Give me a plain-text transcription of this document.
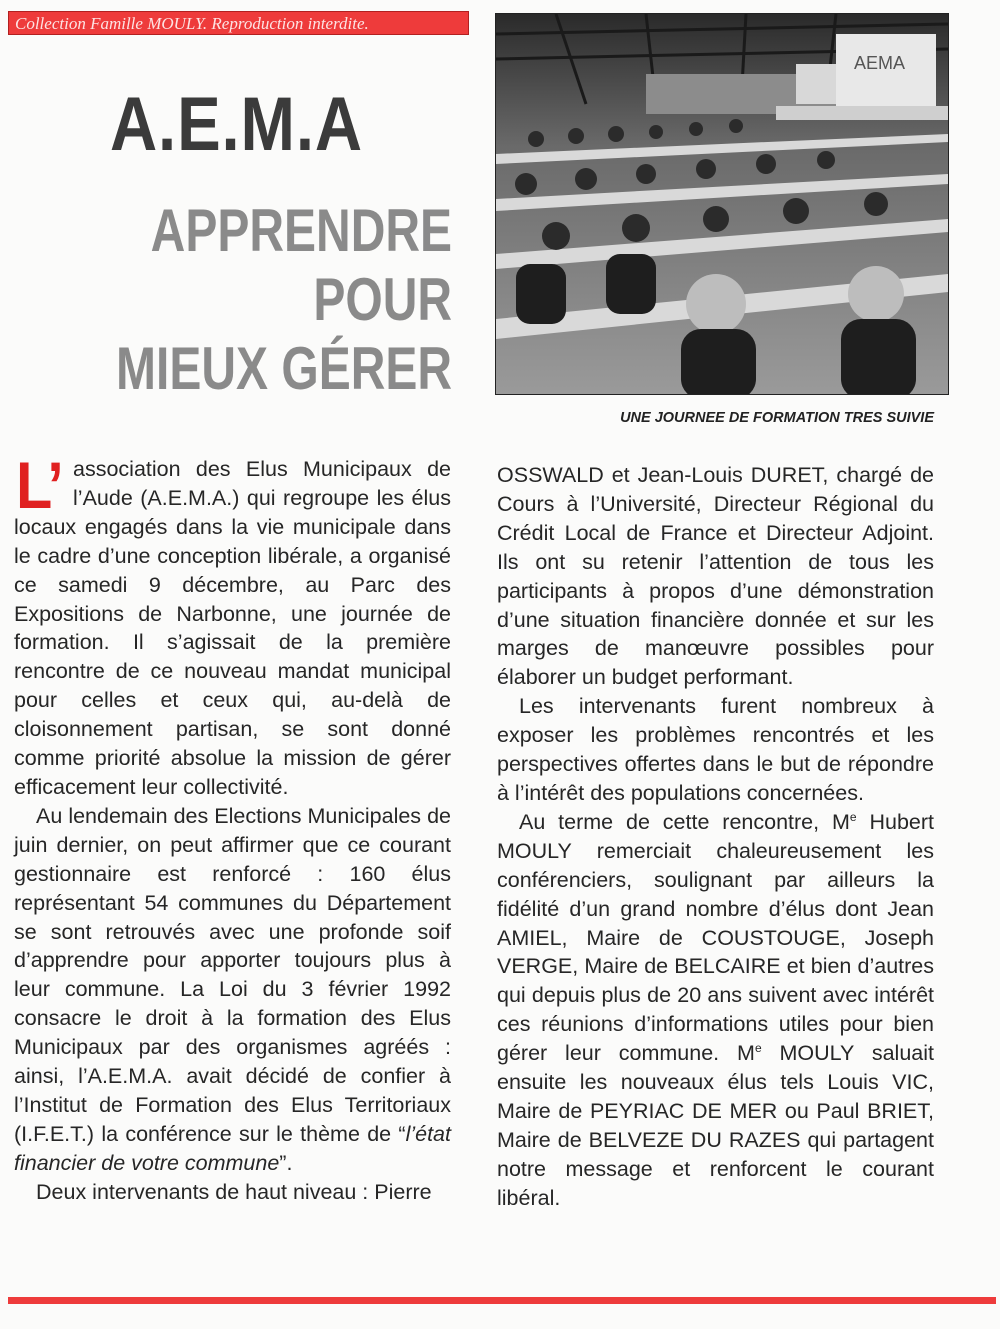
Collection Famille MOULY. Reproduction interdite.
A.E.M.A
APPRENDRE
POUR
MIEUX GÉRER
AEMA
UNE JOURNEE DE FORMATION TRES SUIVIE

L’ association des Elus Municipaux de l’Aude (A.E.M.A.) qui regroupe les élus locaux engagés dans la vie municipale dans le cadre d’une conception libérale, a organisé ce samedi 9 décembre, au Parc des Expositions de Narbonne, une journée de formation. Il s’agissait de la première rencontre de ce nouveau mandat municipal pour celles et ceux qui, au-delà de cloisonnement partisan, se sont donné comme priorité absolue la mission de gérer efficacement leur collectivité.

Au lendemain des Elections Municipales de juin dernier, on peut affirmer que ce courant gestionnaire est renforcé : 160 élus représentant 54 communes du Département se sont retrouvés avec une profonde soif d’apprendre pour apporter toujours plus à leur commune. La Loi du 3 février 1992 consacre le droit à la formation des Elus Municipaux par des organismes agréés : ainsi, l’A.E.M.A. avait décidé de confier à l’Institut de Formation des Elus Territoriaux (I.F.E.T.) la conférence sur le thème de “l’état financier de votre commune”.

Deux intervenants de haut niveau : Pierre

OSSWALD et Jean-Louis DURET, chargé de Cours à l’Université, Directeur Régional du Crédit Local de France et Directeur Adjoint. Ils ont su retenir l’attention de tous les participants à propos d’une démonstration d’une situation financière donnée et sur les marges de manœuvre possibles pour élaborer un budget performant.

Les intervenants furent nombreux à exposer les problèmes rencontrés et les perspectives offertes dans le but de répondre à l’intérêt des populations concernées.

Au terme de cette rencontre, Me Hubert MOULY remerciait chaleureusement les conférenciers, soulignant par ailleurs la fidélité d’un grand nombre d’élus dont Jean AMIEL, Maire de COUSTOUGE, Joseph VERGE, Maire de BELCAIRE et bien d’autres qui depuis plus de 20 ans suivent avec intérêt ces réunions d’informations utiles pour bien gérer leur commune. Me MOULY saluait ensuite les nouveaux élus tels Louis VIC, Maire de PEYRIAC DE MER ou Paul BRIET, Maire de BELVEZE DU RAZES qui partagent notre message et renforcent le courant libéral.
